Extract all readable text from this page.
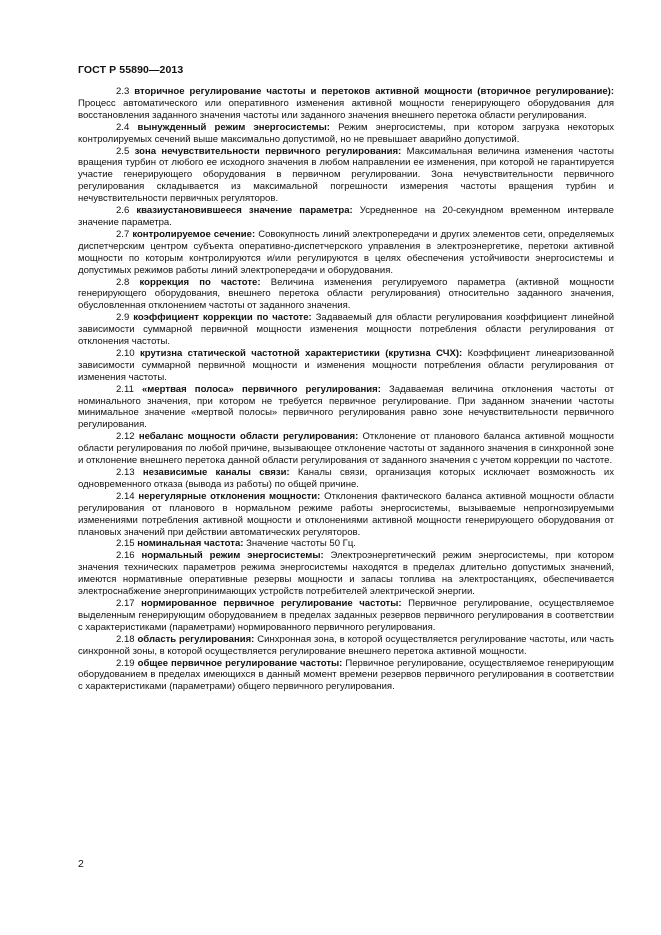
ГОСТ Р 55890—2013

2.3 вторичное регулирование частоты и перетоков активной мощности (вторичное регулирование): Процесс автоматического или оперативного изменения активной мощности генерирующего оборудования для восстановления заданного значения частоты или заданного значения внешнего перетока области регулирования.

2.4 вынужденный режим энергосистемы: Режим энергосистемы, при котором загрузка некоторых контролируемых сечений выше максимально допустимой, но не превышает аварийно допустимой.

2.5 зона нечувствительности первичного регулирования: Максимальная величина изменения частоты вращения турбин от любого ее исходного значения в любом направлении ее изменения, при которой не гарантируется участие генерирующего оборудования в первичном регулировании. Зона нечувствительности первичного регулирования складывается из максимальной погрешности измерения частоты вращения турбин и нечувствительности первичных регуляторов.

2.6 квазиустановившееся значение параметра: Усредненное на 20-секундном временном интервале значение параметра.

2.7 контролируемое сечение: Совокупность линий электропередачи и других элементов сети, определяемых диспетчерским центром субъекта оперативно-диспетчерского управления в электроэнергетике, перетоки активной мощности по которым контролируются и/или регулируются в целях обеспечения устойчивости энергосистемы и допустимых режимов работы линий электропередачи и оборудования.

2.8 коррекция по частоте: Величина изменения регулируемого параметра (активной мощности генерирующего оборудования, внешнего перетока области регулирования) относительно заданного значения, обусловленная отклонением частоты от заданного значения.

2.9 коэффициент коррекции по частоте: Задаваемый для области регулирования коэффициент линейной зависимости суммарной первичной мощности изменения мощности потребления области регулирования от отклонения частоты.

2.10 крутизна статической частотной характеристики (крутизна СЧХ): Коэффициент линеаризованной зависимости суммарной первичной мощности и изменения мощности потребления области регулирования от изменения частоты.

2.11 «мертвая полоса» первичного регулирования: Задаваемая величина отклонения частоты от номинального значения, при котором не требуется первичное регулирование. При заданном значении частоты минимальное значение «мертвой полосы» первичного регулирования равно зоне нечувствительности первичного регулирования.

2.12 небаланс мощности области регулирования: Отклонение от планового баланса активной мощности области регулирования по любой причине, вызывающее отклонение частоты от заданного значения в синхронной зоне и отклонение внешнего перетока данной области регулирования от заданного значения с учетом коррекции по частоте.

2.13 независимые каналы связи: Каналы связи, организация которых исключает возможность их одновременного отказа (вывода из работы) по общей причине.

2.14 нерегулярные отклонения мощности: Отклонения фактического баланса активной мощности области регулирования от планового в нормальном режиме работы энергосистемы, вызываемые непрогнозируемыми изменениями потребления активной мощности и отклонениями активной мощности генерирующего оборудования от плановых значений при действии автоматических регуляторов.

2.15 номинальная частота: Значение частоты 50 Гц.

2.16 нормальный режим энергосистемы: Электроэнергетический режим энергосистемы, при котором значения технических параметров режима энергосистемы находятся в пределах длительно допустимых значений, имеются нормативные оперативные резервы мощности и запасы топлива на электростанциях, обеспечивается электроснабжение энергопринимающих устройств потребителей электрической энергии.

2.17 нормированное первичное регулирование частоты: Первичное регулирование, осуществляемое выделенным генерирующим оборудованием в пределах заданных резервов первичного регулирования в соответствии с характеристиками (параметрами) нормированного первичного регулирования.

2.18 область регулирования: Синхронная зона, в которой осуществляется регулирование частоты, или часть синхронной зоны, в которой осуществляется регулирование внешнего перетока активной мощности.

2.19 общее первичное регулирование частоты: Первичное регулирование, осуществляемое генерирующим оборудованием в пределах имеющихся в данный момент времени резервов первичного регулирования в соответствии с характеристиками (параметрами) общего первичного регулирования.

2
